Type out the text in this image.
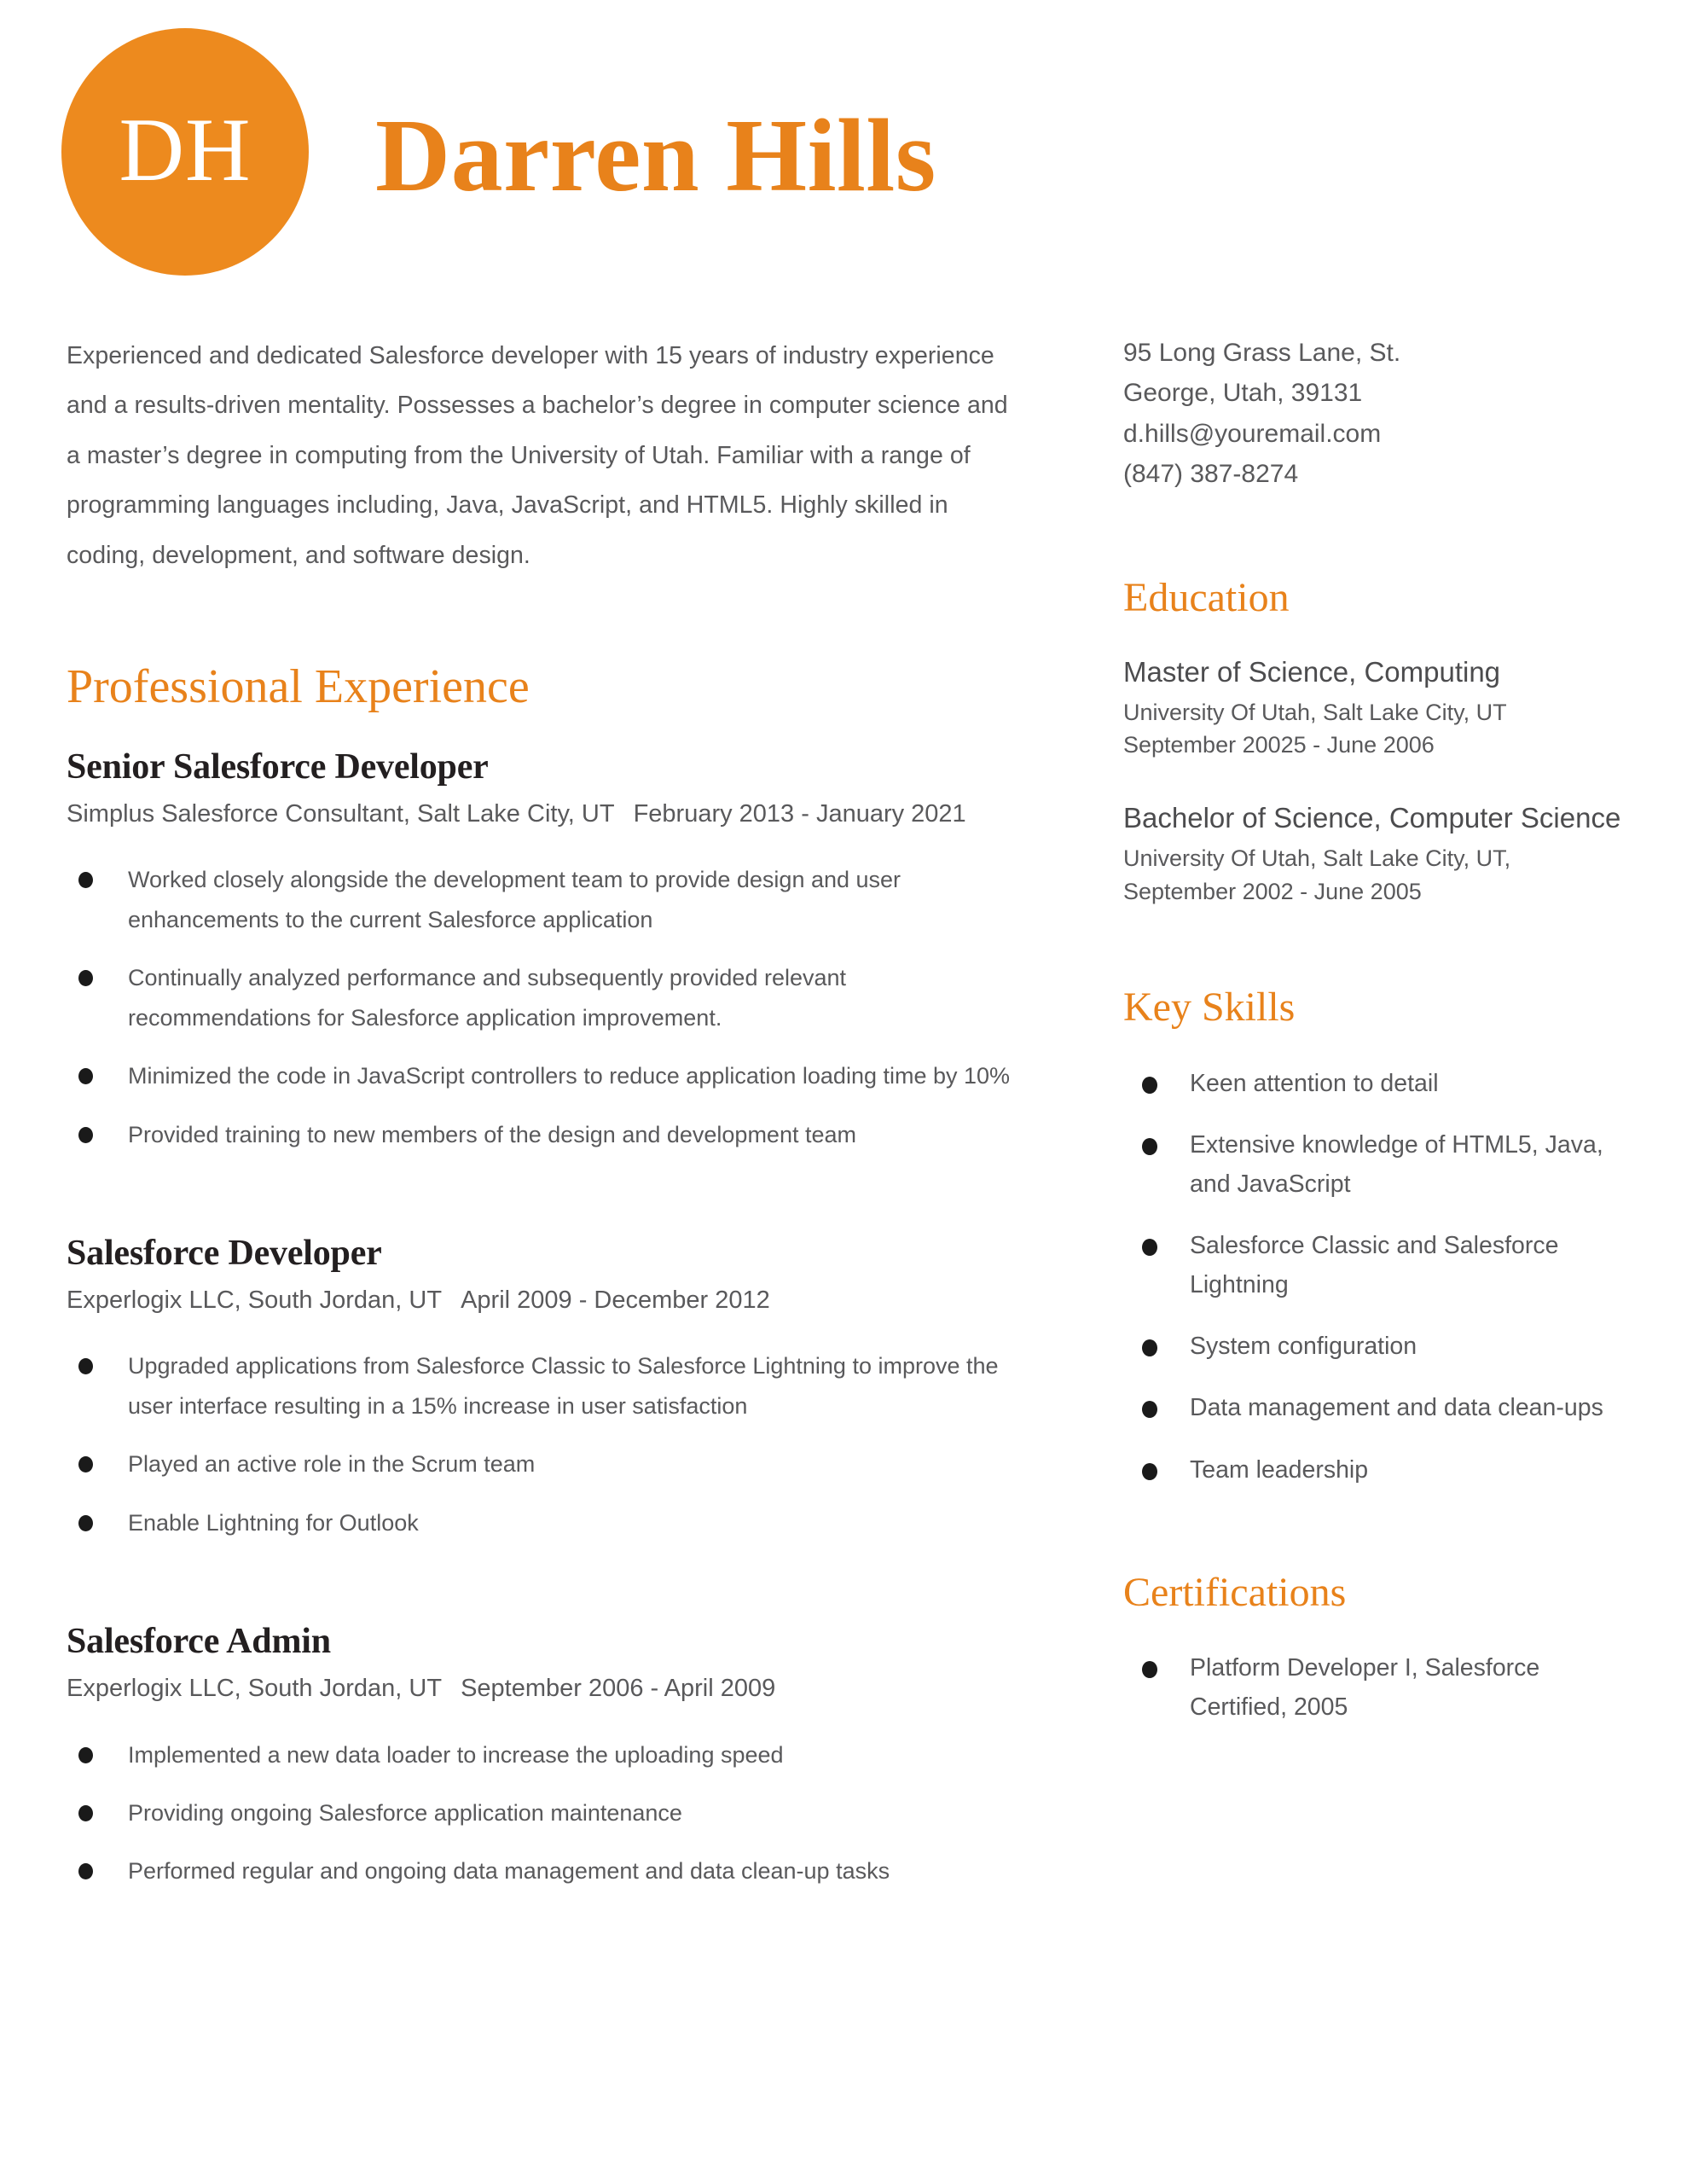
DH Darren Hills

Experienced and dedicated Salesforce developer with 15 years of industry experience and a results-driven mentality. Possesses a bachelor’s degree in computer science and a master’s degree in computing from the University of Utah. Familiar with a range of programming languages including, Java, JavaScript, and HTML5. Highly skilled in coding, development, and software design.

Professional Experience
Senior Salesforce Developer

Simplus Salesforce Consultant, Salt Lake City, UT February 2013 - January 2021

Worked closely alongside the development team to provide design and user enhancements to the current Salesforce application
Continually analyzed performance and subsequently provided relevant recommendations for Salesforce application improvement.
Minimized the code in JavaScript controllers to reduce application loading time by 10%
Provided training to new members of the design and development team
Salesforce Developer

Experlogix LLC, South Jordan, UT April 2009 - December 2012

Upgraded applications from Salesforce Classic to Salesforce Lightning to improve the user interface resulting in a 15% increase in user satisfaction
Played an active role in the Scrum team
Enable Lightning for Outlook
Salesforce Admin

Experlogix LLC, South Jordan, UT September 2006 - April 2009

Implemented a new data loader to increase the uploading speed
Providing ongoing Salesforce application maintenance
Performed regular and ongoing data management and data clean-up tasks
95 Long Grass Lane, St.
George, Utah, 39131
d.hills@youremail.com
(847) 387-8274
Education
Master of Science, Computing
University Of Utah, Salt Lake City, UT
September 20025 - June 2006
Bachelor of Science, Computer Science
University Of Utah, Salt Lake City, UT,
September 2002 - June 2005
Key Skills
Keen attention to detail
Extensive knowledge of HTML5, Java, and JavaScript
Salesforce Classic and Salesforce Lightning
System configuration
Data management and data clean-ups
Team leadership
Certifications
Platform Developer I, Salesforce Certified, 2005
